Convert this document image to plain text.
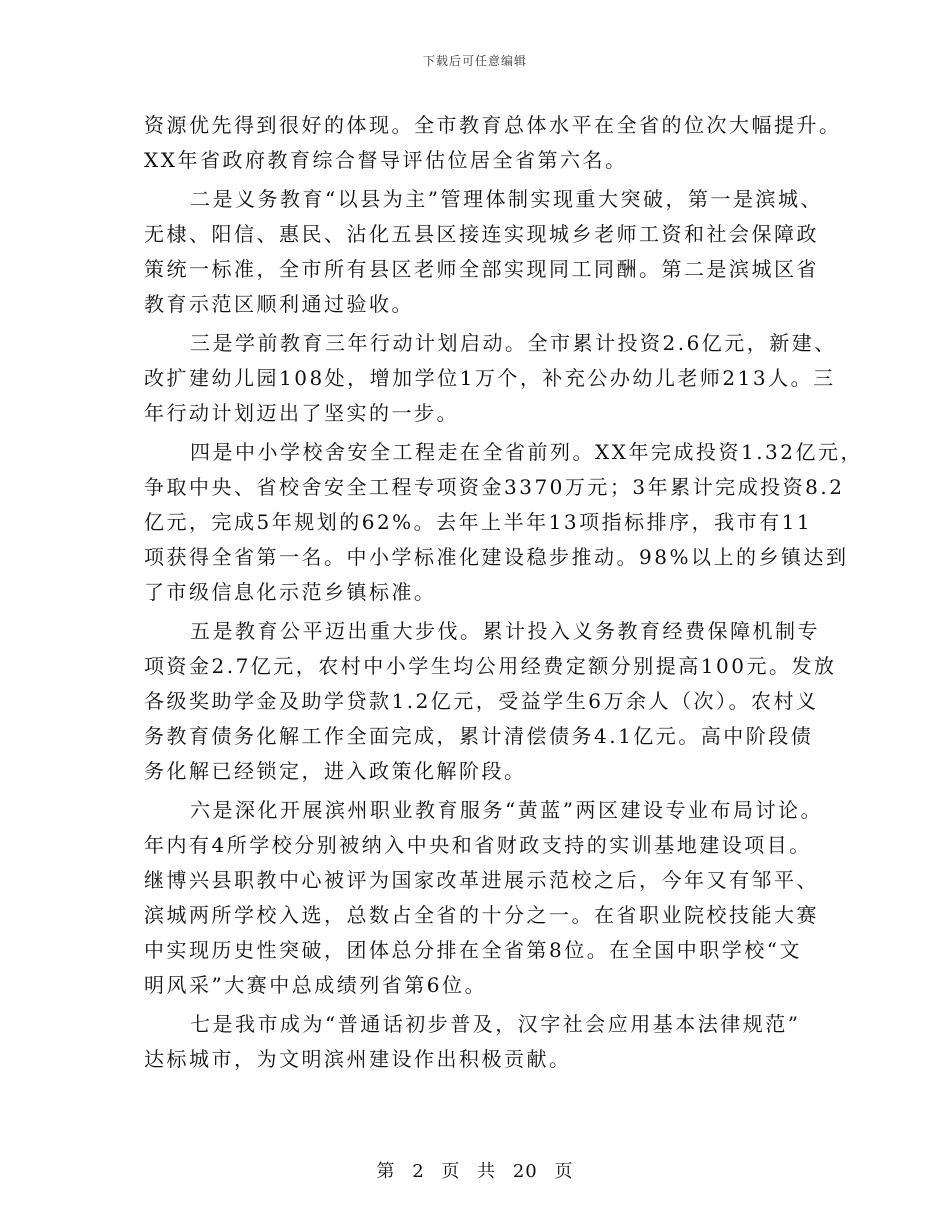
下载后可任意编辑
资源优先得到很好的体现。全市教育总体水平在全省的位次大幅提升。
XX年省政府教育综合督导评估位居全省第六名。
二是义务教育“以县为主”管理体制实现重大突破，第一是滨城、
无棣、阳信、惠民、沾化五县区接连实现城乡老师工资和社会保障政
策统一标准，全市所有县区老师全部实现同工同酬。第二是滨城区省
教育示范区顺利通过验收。
三是学前教育三年行动计划启动。全市累计投资2.6亿元，新建、
改扩建幼儿园108处，增加学位1万个，补充公办幼儿老师213人。三
年行动计划迈出了坚实的一步。
四是中小学校舍安全工程走在全省前列。XX年完成投资1.32亿元，
争取中央、省校舍安全工程专项资金3370万元；3年累计完成投资8.2
亿元，完成5年规划的62%。去年上半年13项指标排序，我市有11
项获得全省第一名。中小学标准化建设稳步推动。98%以上的乡镇达到
了市级信息化示范乡镇标准。
五是教育公平迈出重大步伐。累计投入义务教育经费保障机制专
项资金2.7亿元，农村中小学生均公用经费定额分别提高100元。发放
各级奖助学金及助学贷款1.2亿元，受益学生6万余人（次）。农村义
务教育债务化解工作全面完成，累计清偿债务4.1亿元。高中阶段债
务化解已经锁定，进入政策化解阶段。
六是深化开展滨州职业教育服务“黄蓝”两区建设专业布局讨论。
年内有4所学校分别被纳入中央和省财政支持的实训基地建设项目。
继博兴县职教中心被评为国家改革进展示范校之后，今年又有邹平、
滨城两所学校入选，总数占全省的十分之一。在省职业院校技能大赛
中实现历史性突破，团体总分排在全省第8位。在全国中职学校“文
明风采”大赛中总成绩列省第6位。
七是我市成为“普通话初步普及，汉字社会应用基本法律规范”
达标城市，为文明滨州建设作出积极贡献。
第 2 页 共 20 页
